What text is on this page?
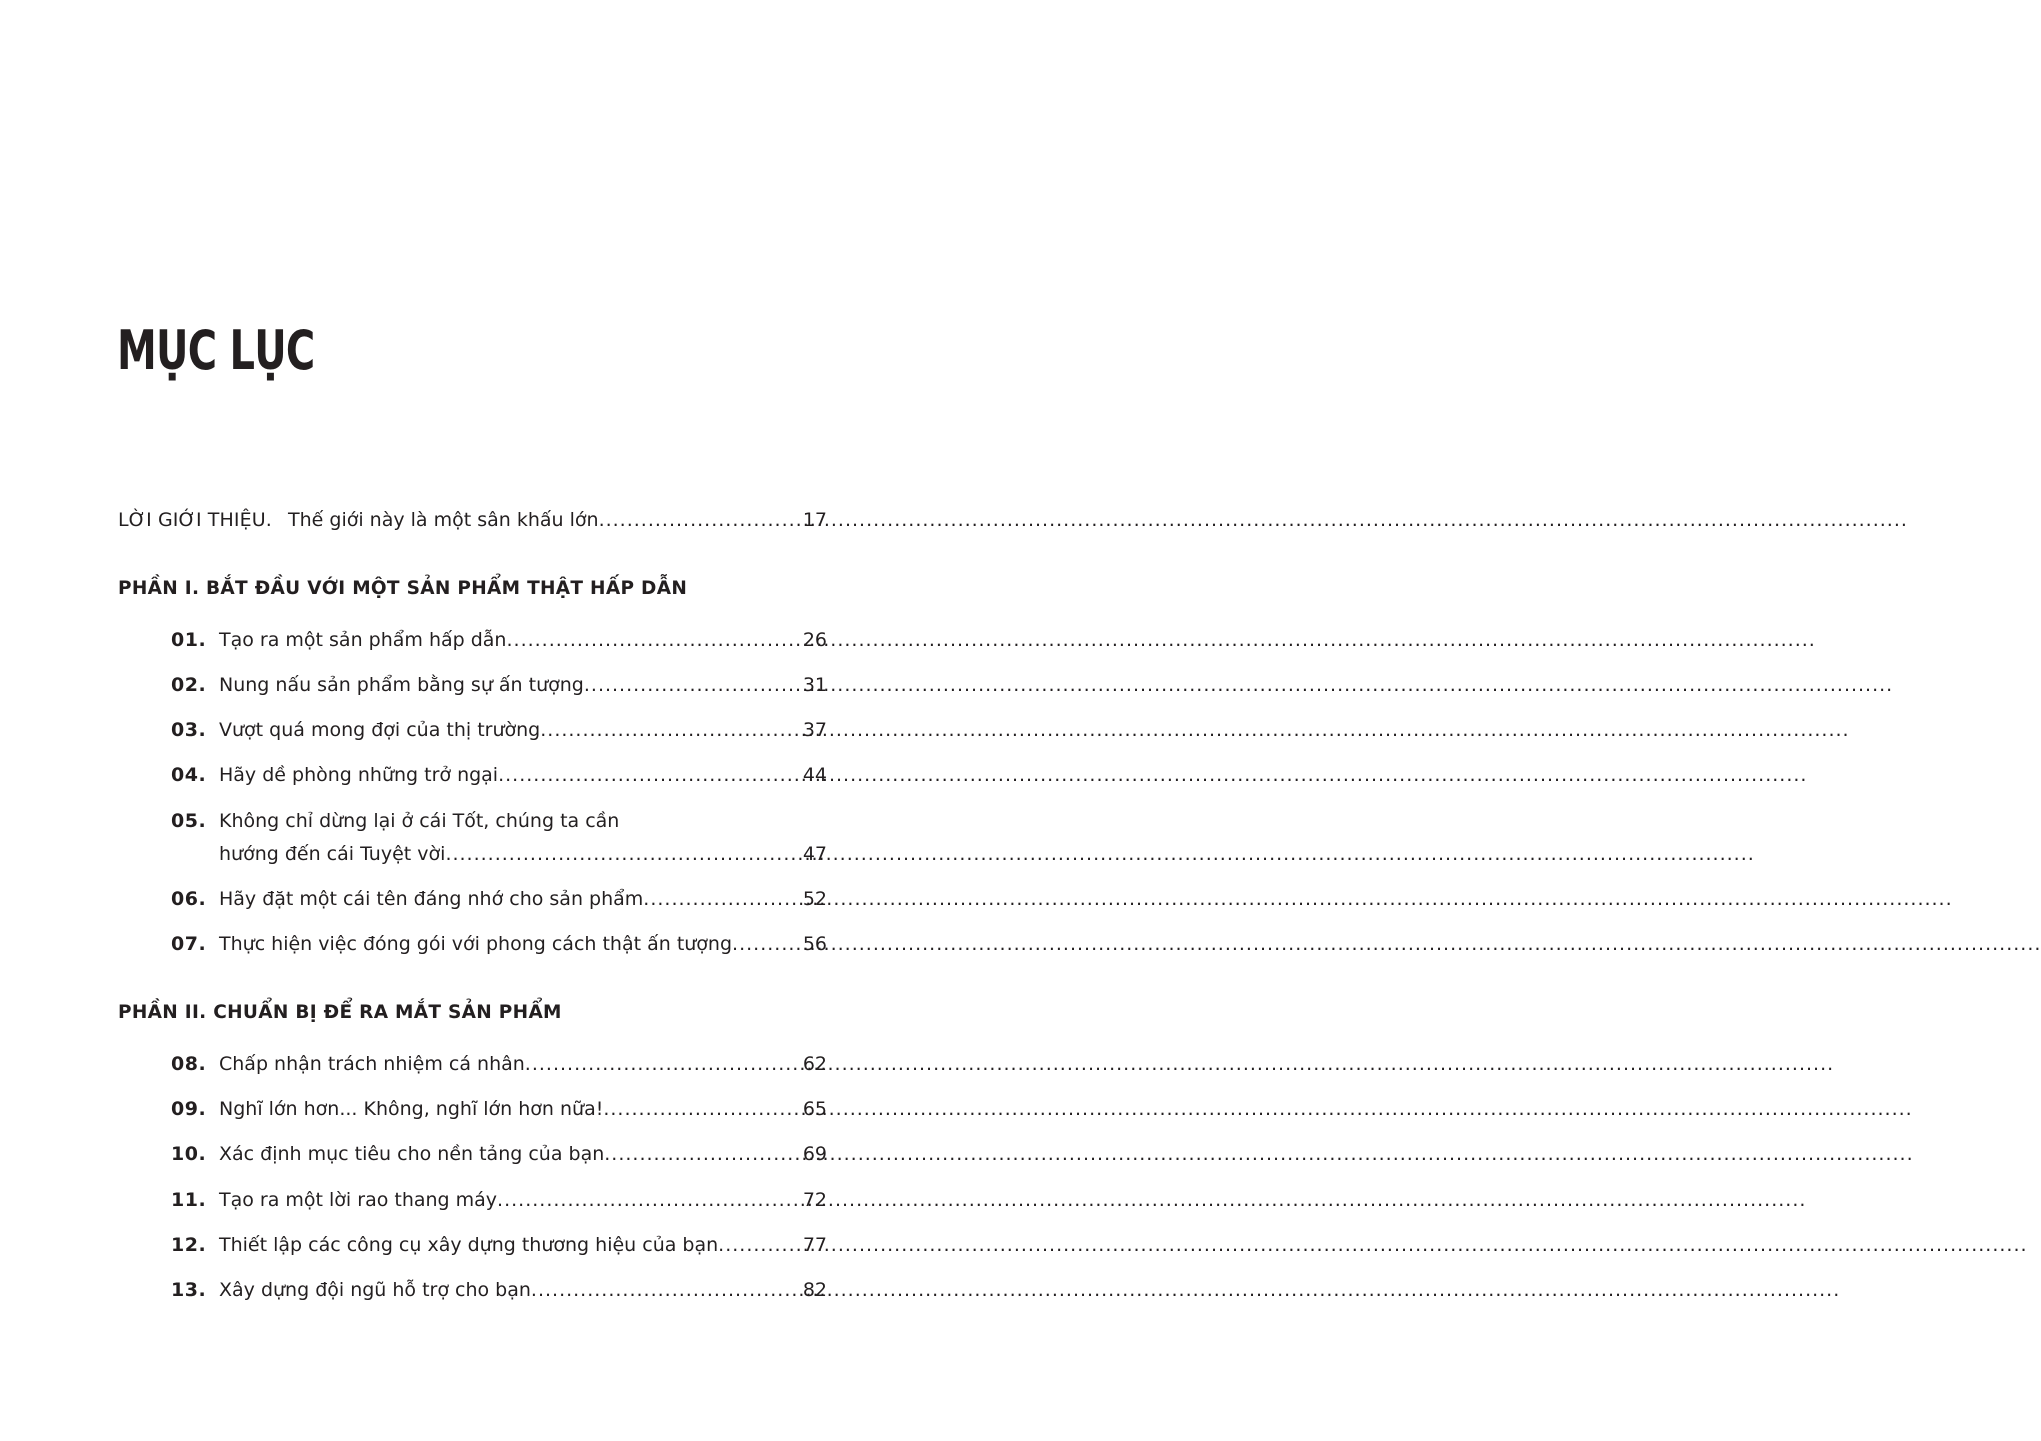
MỤC LỤC
LỜI GIỚI THIỆU. Thế giới này là một sân khấu lớn .....	17
PHẦN I. BẮT ĐẦU VỚI MỘT SẢN PHẨM THẬT HẤP DẪN
01. Tạo ra một sản phẩm hấp dẫn .....	26
02. Nung nấu sản phẩm bằng sự ấn tượng .....	31
03. Vượt quá mong đợi của thị trường .....	37
04. Hãy dề phòng những trở ngại .....	44
05. Không chỉ dừng lại ở cái Tốt, chúng ta cần
hướng đến cái Tuyệt vời .....	47
06. Hãy đặt một cái tên đáng nhớ cho sản phẩm .....	52
07. Thực hiện việc đóng gói với phong cách thật ấn tượng .....	56
PHẦN II. CHUẨN BỊ ĐỂ RA MẮT SẢN PHẨM
08. Chấp nhận trách nhiệm cá nhân .....	62
09. Nghĩ lớn hơn... Không, nghĩ lớn hơn nữa! .....	65
10. Xác định mục tiêu cho nền tảng của bạn .....	69
11. Tạo ra một lời rao thang máy .....	72
12. Thiết lập các công cụ xây dựng thương hiệu của bạn .....	77
13. Xây dựng đội ngũ hỗ trợ cho bạn .....	82
